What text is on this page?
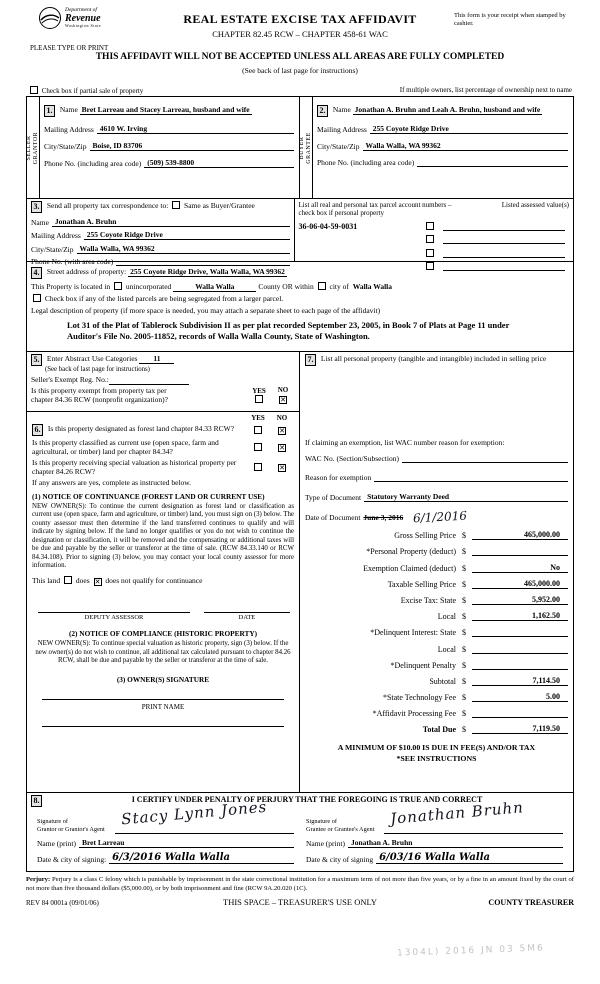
Department of
Revenue
Washington State
PLEASE TYPE OR PRINT
REAL ESTATE EXCISE TAX AFFIDAVIT
CHAPTER 82.45 RCW – CHAPTER 458-61 WAC
This form is your receipt when stamped by cashier.
THIS AFFIDAVIT WILL NOT BE ACCEPTED UNLESS ALL AREAS ARE FULLY COMPLETED
(See back of last page for instructions)
Check box if partial sale of property	If multiple owners, list percentage of ownership next to name
SELLER
GRANTOR
1. Name Bret Larreau and Stacey Larreau, husband and wife
Mailing Address 4610 W. Irving
City/State/Zip Boise, ID 83706
Phone No. (including area code) (509) 539-8800
BUYER
GRANTEE
2. Name Jonathan A. Bruhn and Leah A. Bruhn, husband and wife
Mailing Address 255 Coyote Ridge Drive
City/State/Zip Walla Walla, WA 99362
Phone No. (including area code)
3. Send all property tax correspondence to: Same as Buyer/Grantee
Name Jonathan A. Bruhn
Mailing Address 255 Coyote Ridge Drive
City/State/Zip Walla Walla, WA 99362
Phone No. (with area code)
List all real and personal tax parcel account numbers – check box if personal property
Listed assessed value(s)
36-06-04-59-0031
4. Street address of property: 255 Coyote Ridge Drive, Walla Walla, WA 99362
This Property is located in unincorporated	Walla Walla	County OR within city of Walla Walla
Check box if any of the listed parcels are being segregated from a larger parcel.
Legal description of property (if more space is needed, you may attach a separate sheet to each page of the affidavit)
Lot 31 of the Plat of Tablerock Subdivision II as per plat recorded September 23, 2005, in Book 7 of Plats at Page 11 under Auditor's File No. 2005-11852, records of Walla Walla County, State of Washington.
5. Enter Abstract Use Categories 11
(See back of last page for instructions)
Seller's Exempt Reg. No.:
Is this property exempt from property tax per
chapter 84.36 RCW (nonprofit organization)?
YES	NO
✕
YES	NO
6. Is this property designated as forest land chapter 84.33 RCW?	✕
Is this property classified as current use (open space, farm and agricultural, or timber) land per chapter 84.34?	✕
Is this property receiving special valuation as historical property per chapter 84.26 RCW?	✕
If any answers are yes, complete as instructed below.
(1) NOTICE OF CONTINUANCE (FOREST LAND OR CURRENT USE)
NEW OWNER(S): To continue the current designation as forest land or classification as current use (open space, farm and agriculture, or timber) land, you must sign on (3) below. The county assessor must then determine if the land transferred continues to qualify and will indicate by signing below. If the land no longer qualifies or you do not wish to continue the designation or classification, it will be removed and the compensating or additional taxes will be due and payable by the seller or transferor at the time of sale. (RCW 84.33.140 or RCW 84.34.108). Prior to signing (3) below, you may contact your local county assessor for more information.
This land does ✕ does not qualify for continuance
DEPUTY ASSESSOR	DATE
(2) NOTICE OF COMPLIANCE (HISTORIC PROPERTY)
NEW OWNER(S): To continue special valuation as historic property, sign (3) below. If the new owner(s) do not wish to continue, all additional tax calculated pursuant to chapter 84.26 RCW, shall be due and payable by the seller or transferor at the time of sale.
(3) OWNER(S) SIGNATURE
PRINT NAME
7. List all personal property (tangible and intangible) included in selling price
If claiming an exemption, list WAC number reason for exemption:
WAC No. (Section/Subsection)
Reason for exemption
Type of Document Statutory Warranty Deed
Date of Document June 3, 2016 6/1/2016
Gross Selling Price $	465,000.00
*Personal Property (deduct) $
Exemption Claimed (deduct) $	No
Taxable Selling Price $	465,000.00
Excise Tax: State $	5,952.00
Local $	1,162.50
*Delinquent Interest: State $
Local $
*Delinquent Penalty $
Subtotal $	7,114.50
*State Technology Fee $	5.00
*Affidavit Processing Fee $
Total Due $	7,119.50
A MINIMUM OF $10.00 IS DUE IN FEE(S) AND/OR TAX
*SEE INSTRUCTIONS
8.	I CERTIFY UNDER PENALTY OF PERJURY THAT THE FOREGOING IS TRUE AND CORRECT
Stacy Lynn Jones
Signature of
Grantor or Grantor's Agent
Name (print) Bret Larreau
Date & city of signing: 6/3/2016 Walla Walla
Jonathan Bruhn
Signature of
Grantee or Grantee's Agent
Name (print) Jonathan A. Bruhn
Date & city of signing 6/03/16 Walla Walla
Perjury: Perjury is a class C felony which is punishable by imprisonment in the state correctional institution for a maximum term of not more than five years, or by a fine in an amount fixed by the court of not more than five thousand dollars ($5,000.00), or by both imprisonment and fine (RCW 9A.20.020 (1C).
REV 84 0001a (09/01/06)	THIS SPACE – TREASURER'S USE ONLY	COUNTY TREASURER
1304L) 2016 JN 03 5M6
